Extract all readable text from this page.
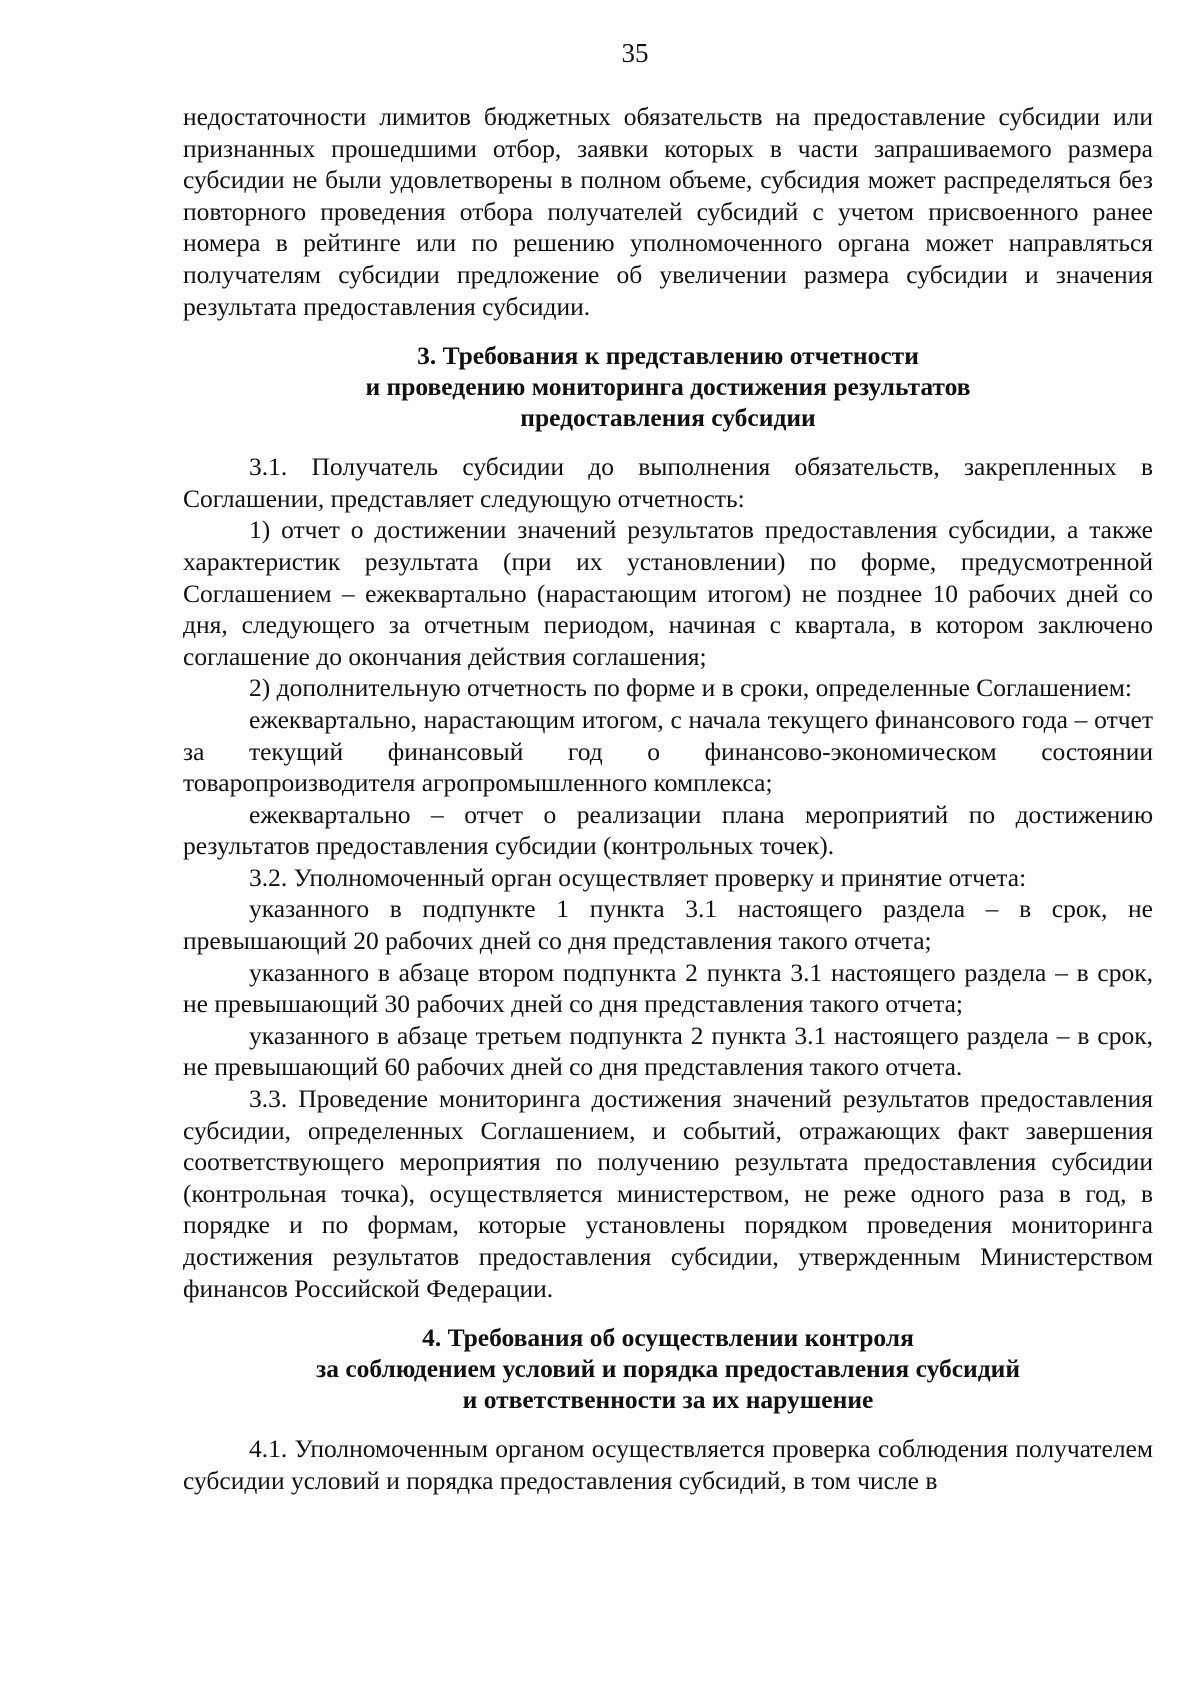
35

недостаточности лимитов бюджетных обязательств на предоставление субсидии или признанных прошедшими отбор, заявки которых в части запрашиваемого размера субсидии не были удовлетворены в полном объеме, субсидия может распределяться без повторного проведения отбора получателей субсидий с учетом присвоенного ранее номера в рейтинге или по решению уполномоченного органа может направляться получателям субсидии предложение об увеличении размера субсидии и значения результата предоставления субсидии.

3. Требования к представлению отчетности
и проведению мониторинга достижения результатов
предоставления субсидии

3.1. Получатель субсидии до выполнения обязательств, закрепленных в Соглашении, представляет следующую отчетность:

1) отчет о достижении значений результатов предоставления субсидии, а также характеристик результата (при их установлении) по форме, предусмотренной Соглашением – ежеквартально (нарастающим итогом) не позднее 10 рабочих дней со дня, следующего за отчетным периодом, начиная с квартала, в котором заключено соглашение до окончания действия соглашения;

2) дополнительную отчетность по форме и в сроки, определенные Соглашением:

ежеквартально, нарастающим итогом, с начала текущего финансового года – отчет за текущий финансовый год о финансово-экономическом состоянии товаропроизводителя агропромышленного комплекса;

ежеквартально – отчет о реализации плана мероприятий по достижению результатов предоставления субсидии (контрольных точек).

3.2. Уполномоченный орган осуществляет проверку и принятие отчета:

указанного в подпункте 1 пункта 3.1 настоящего раздела – в срок, не превышающий 20 рабочих дней со дня представления такого отчета;

указанного в абзаце втором подпункта 2 пункта 3.1 настоящего раздела – в срок, не превышающий 30 рабочих дней со дня представления такого отчета;

указанного в абзаце третьем подпункта 2 пункта 3.1 настоящего раздела – в срок, не превышающий 60 рабочих дней со дня представления такого отчета.

3.3. Проведение мониторинга достижения значений результатов предоставления субсидии, определенных Соглашением, и событий, отражающих факт завершения соответствующего мероприятия по получению результата предоставления субсидии (контрольная точка), осуществляется министерством, не реже одного раза в год, в порядке и по формам, которые установлены порядком проведения мониторинга достижения результатов предоставления субсидии, утвержденным Министерством финансов Российской Федерации.

4. Требования об осуществлении контроля
за соблюдением условий и порядка предоставления субсидий
и ответственности за их нарушение

4.1. Уполномоченным органом осуществляется проверка соблюдения получателем субсидии условий и порядка предоставления субсидий, в том числе в
